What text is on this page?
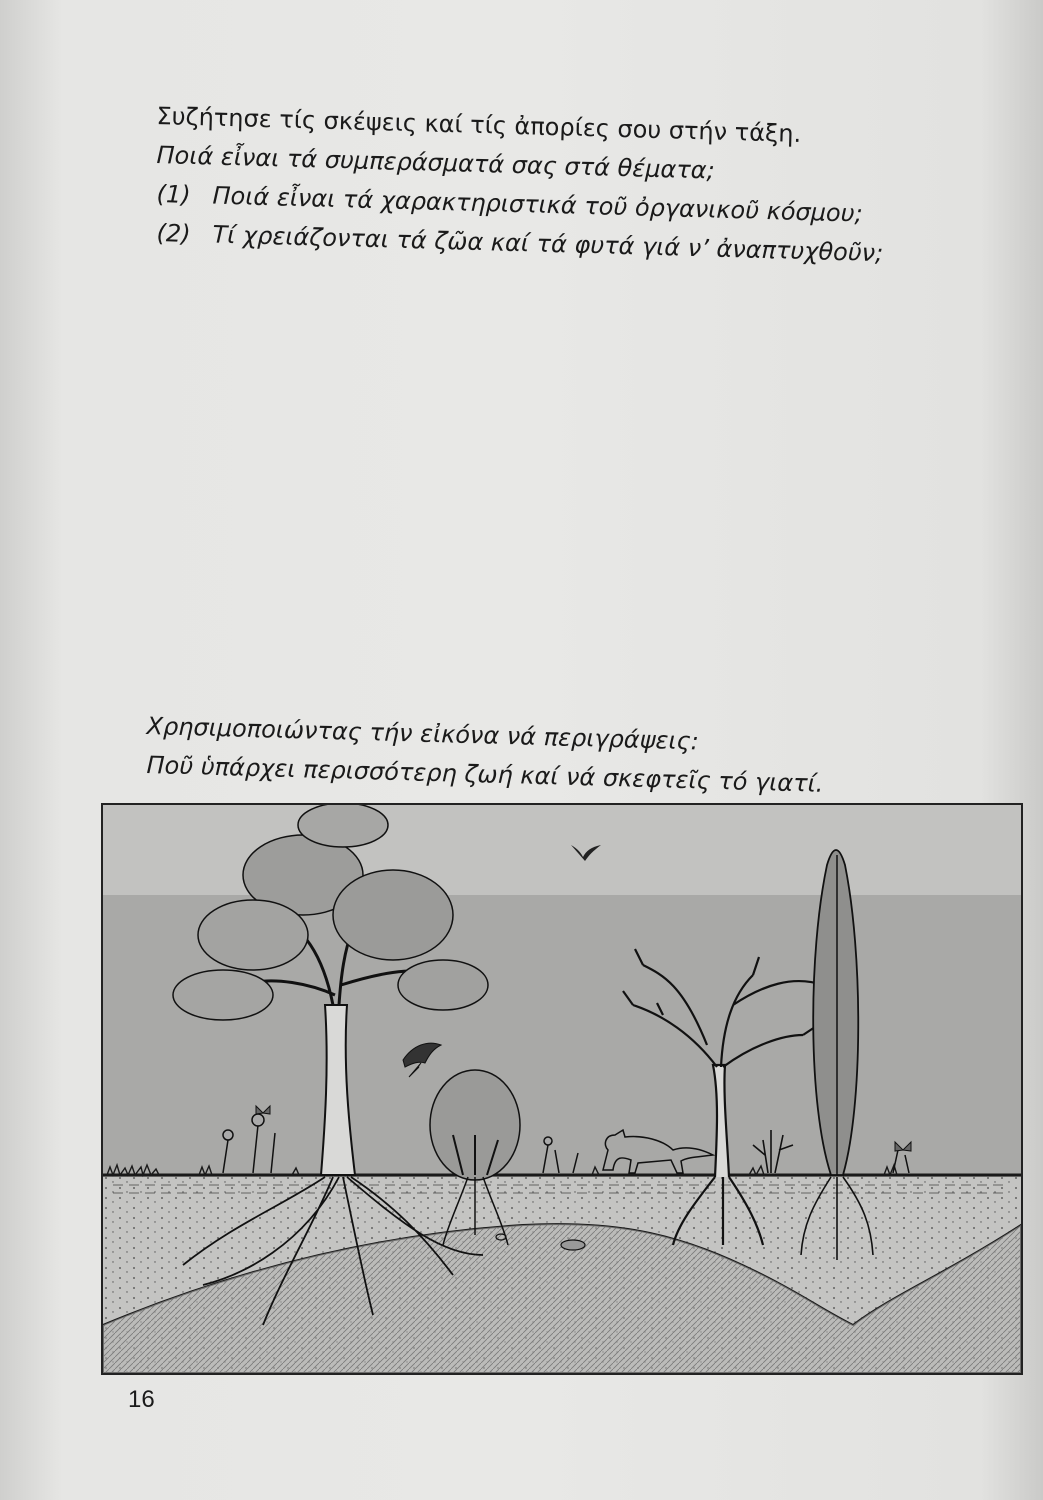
Συζήτησε τίς σκέψεις καί τίς ἀπορίες σου στήν τάξη.
Ποιά εἶναι τά συμπεράσματά σας στά θέματα;
(1) Ποιά εἶναι τά χαρακτηριστικά τοῦ ὀργανικοῦ κόσμου;
(2) Τί χρειάζονται τά ζῶα καί τά φυτά γιά ν’ ἀναπτυχθοῦν;
Χρησιμοποιώντας τήν εἰκόνα νά περιγράψεις:
Ποῦ ὑπάρχει περισσότερη ζωή καί νά σκεφτεῖς τό γιατί.
16
